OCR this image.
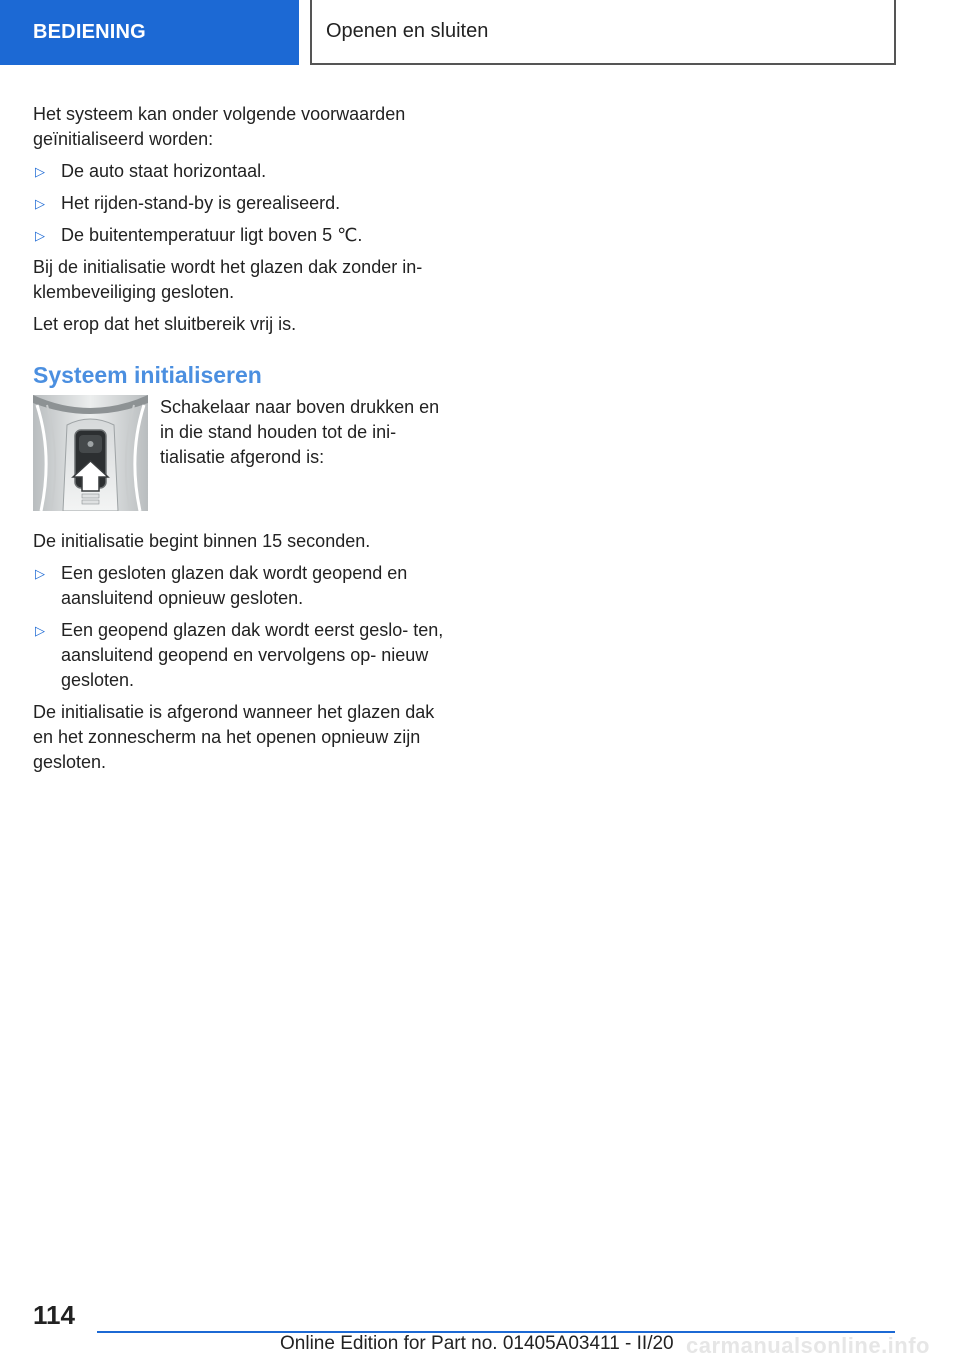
BEDIENING	Openen en sluiten

Het systeem kan onder volgende voorwaarden geïnitialiseerd worden:

▷ De auto staat horizontaal.
▷ Het rijden-stand-by is gerealiseerd.
▷ De buitentemperatuur ligt boven 5 ℃.

Bij de initialisatie wordt het glazen dak zonder in- klembeveiliging gesloten.

Let erop dat het sluitbereik vrij is.

Systeem initialiseren
Schakelaar naar boven drukken en in die stand houden tot de ini- tialisatie afgerond is:

De initialisatie begint binnen 15 seconden.

▷ Een gesloten glazen dak wordt geopend en aansluitend opnieuw gesloten.
▷ Een geopend glazen dak wordt eerst geslo- ten, aansluitend geopend en vervolgens op- nieuw gesloten.

De initialisatie is afgerond wanneer het glazen dak en het zonnescherm na het openen opnieuw zijn gesloten.

114
Online Edition for Part no. 01405A03411 - II/20 carmanualsonline.info
